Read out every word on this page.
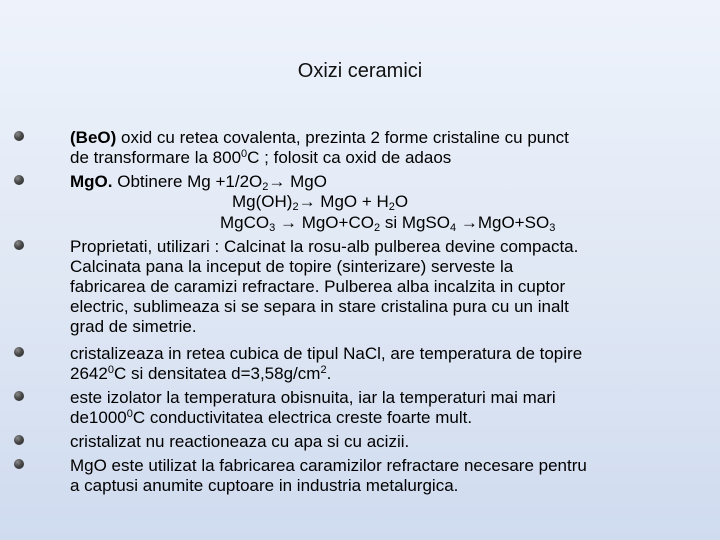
Oxizi ceramici
(BeO) oxid cu retea covalenta, prezinta 2 forme cristaline cu punct
de transformare la $800^0C$ ; folosit ca oxid de adaos
MgO. Obtinere $Mg +1/2O_2\to$ MgO
$Mg(OH)_2\to$ MgO + $H_2O$
MgCO$_3$ → $MgO+CO_2$ si MgSO$_4$ $\to MgO+SO_3$
Proprietati, utilizari : Calcinat la rosu-alb pulberea devine compacta.
Calcinata pana la inceput de topire (sinterizare) serveste la
fabricarea de caramizi refractare. Pulberea alba incalzita in cuptor
electric, sublimeaza si se separa in stare cristalina pura cu un inalt
grad de simetrie.
cristalizeaza in retea cubica de tipul NaCl, are temperatura de topire
2642$^0$C si densitatea $d=3,58g/cm^2$.
este izolator la temperatura obisnuita, iar la temperaturi mai mari
de1000$^0$C conductivitatea electrica creste foarte mult.
cristalizat nu reactioneaza cu apa si cu acizii.
MgO este utilizat la fabricarea caramizilor refractare necesare pentru
a captusi anumite cuptoare in industria metalurgica.
